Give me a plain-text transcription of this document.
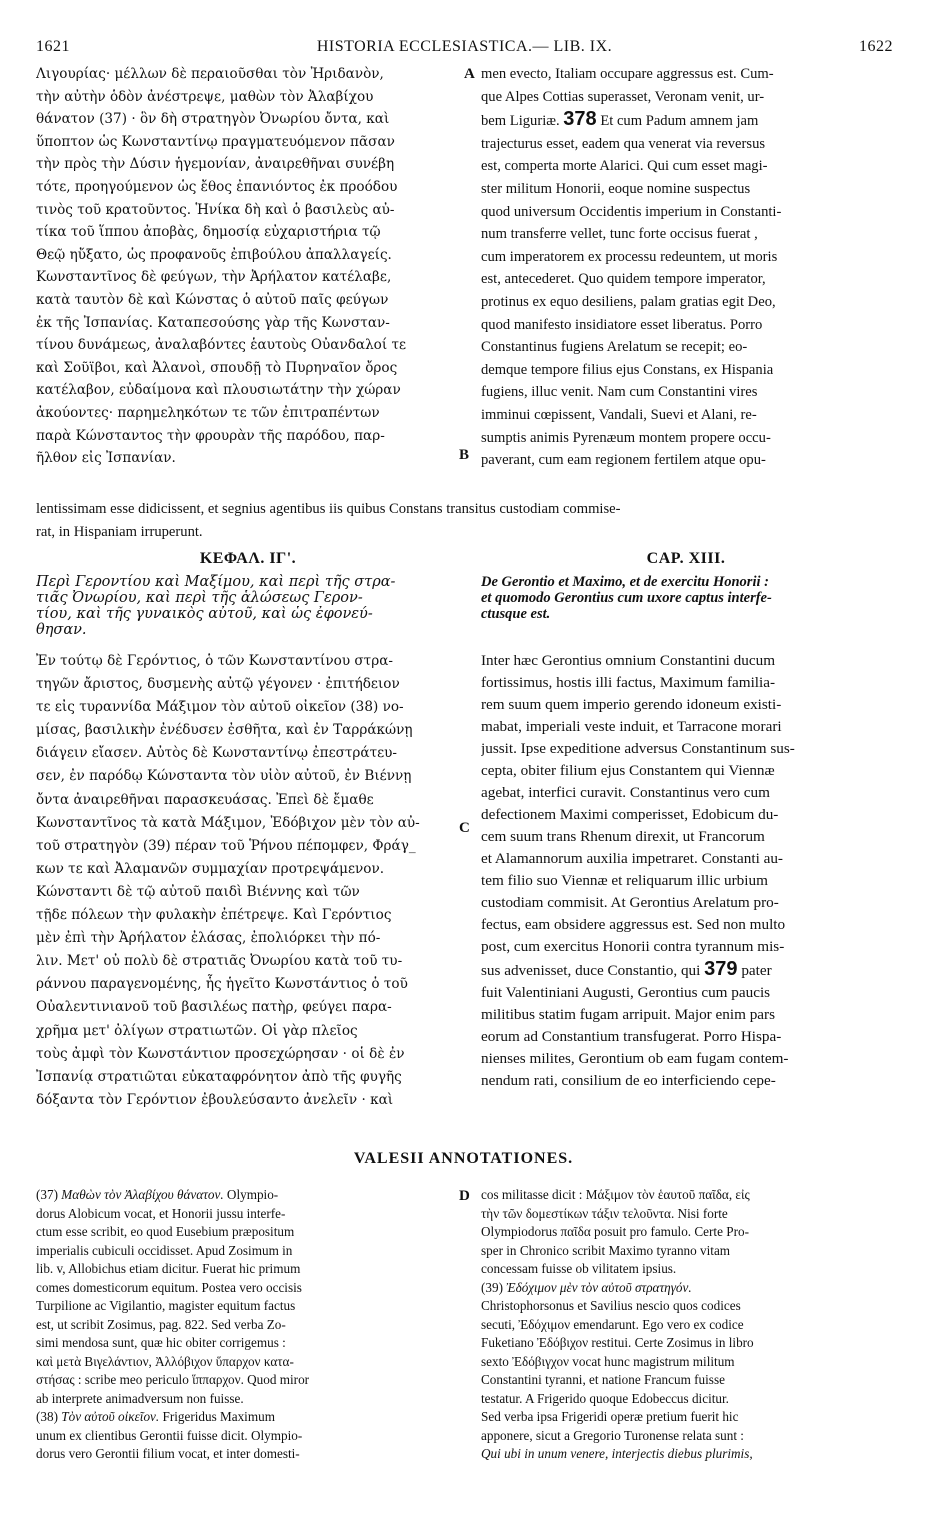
1621	HISTORIA ECCLESIASTICA.— LIB. IX.	1622
Λιγουρίας· μέλλων δὲ περαιοῦσθαι τὸν Ἠριδανὸν,
τὴν αὐτὴν ὁδὸν ἀνέστρεψε, μαθὼν τὸν Ἀλαβίχου
θάνατον (37) · ὃν δὴ στρατηγὸν Ὀνωρίου ὄντα, καὶ
ὕποπτον ὡς Κωνσταντίνῳ πραγματευόμενον πᾶσαν
τὴν πρὸς τὴν Δύσιν ἡγεμονίαν, ἀναιρεθῆναι συνέβη
τότε, προηγούμενον ὡς ἔθος ἐπανιόντος ἐκ προόδου
τινὸς τοῦ κρατοῦντος. Ἡνίκα δὴ καὶ ὁ βασιλεὺς αὐ-
τίκα τοῦ ἵππου ἀποβὰς, δημοσίᾳ εὐχαριστήρια τῷ
Θεῷ ηὔξατο, ὡς προφανοῦς ἐπιβούλου ἀπαλλαγείς.
Κωνσταντῖνος δὲ φεύγων, τὴν Ἀρήλατον κατέλαβε,
κατὰ ταυτὸν δὲ καὶ Κώνστας ὁ αὐτοῦ παῖς φεύγων
ἐκ τῆς Ἰσπανίας. Καταπεσούσης γὰρ τῆς Κωνσταν-
τίνου δυνάμεως, ἀναλαβόντες ἑαυτοὺς Οὐανδαλοί τε
καὶ Σοῦϊβοι, καὶ Ἀλανοὶ, σπουδῇ τὸ Πυρηναῖον ὄρος
κατέλαβον, εὐδαίμονα καὶ πλουσιωτάτην τὴν χώραν
ἀκούοντες· παρημεληκότων τε τῶν ἐπιτραπέντων
παρὰ Κώνσταντος τὴν φρουρὰν τῆς παρόδου, παρ-
ῆλθον εἰς Ἰσπανίαν.
men evecto, Italiam occupare aggressus est. Cum-
que Alpes Cottias superasset, Veronam venit, ur-
bem Liguriæ. 378 Et cum Padum amnem jam
trajecturus esset, eadem qua venerat via reversus
est, comperta morte Alarici. Qui cum esset magi-
ster militum Honorii, eoque nomine suspectus
quod universum Occidentis imperium in Constanti-
num transferre vellet, tunc forte occisus fuerat ,
cum imperatorem ex processu redeuntem, ut moris
est, antecederet. Quo quidem tempore imperator,
protinus ex equo desiliens, palam gratias egit Deo,
quod manifesto insidiatore esset liberatus. Porro
Constantinus fugiens Arelatum se recepit; eo-
demque tempore filius ejus Constans, ex Hispania
fugiens, illuc venit. Nam cum Constantini vires
imminui cœpissent, Vandali, Suevi et Alani, re-
sumptis animis Pyrenæum montem propere occu-
paverant, cum eam regionem fertilem atque opu-
A
B
C
D
lentissimam esse didicissent, et segnius agentibus iis quibus Constans transitus custodiam commise-
rat, in Hispaniam irruperunt.
ΚΕΦΑΛ. ΙΓ'.	CAP. XIII.
Περὶ Γεροντίου καὶ Μαξίμου, καὶ περὶ τῆς στρα-
τιᾶς Ὀνωρίου, καὶ περὶ τῆς ἁλώσεως Γερον-
τίου, καὶ τῆς γυναικὸς αὐτοῦ, καὶ ὡς ἐφονεύ-
θησαν.
De Gerontio et Maximo, et de exercitu Honorii :
et quomodo Gerontius cum uxore captus interfe-
ctusque est.
Ἐν τούτῳ δὲ Γερόντιος, ὁ τῶν Κωνσταντίνου στρα-
τηγῶν ἄριστος, δυσμενὴς αὐτῷ γέγονεν · ἐπιτήδειον
τε εἰς τυραννίδα Μάξιμον τὸν αὐτοῦ οἰκεῖον (38) νο-
μίσας, βασιλικὴν ἐνέδυσεν ἐσθῆτα, καὶ ἐν Ταρράκώνῃ
διάγειν εἴασεν. Αὐτὸς δὲ Κωνσταντίνῳ ἐπεστράτευ-
σεν, ἐν παρόδῳ Κώνσταντα τὸν υἱὸν αὐτοῦ, ἐν Βιέννῃ
ὄντα ἀναιρεθῆναι παρασκευάσας. Ἐπεὶ δὲ ἔμαθε
Κωνσταντῖνος τὰ κατὰ Μάξιμον, Ἐδόβιχον μὲν τὸν αὐ-
τοῦ στρατηγὸν (39) πέραν τοῦ Ῥήνου πέπομφεν, Φράγ_
κων τε καὶ Ἀλαμανῶν συμμαχίαν προτρεψάμενον.
Κώνσταντι δὲ τῷ αὐτοῦ παιδὶ Βιέννης καὶ τῶν
τῇδε πόλεων τὴν φυλακὴν ἐπέτρεψε. Καὶ Γερόντιος
μὲν ἐπὶ τὴν Ἀρήλατον ἐλάσας, ἐπολιόρκει τὴν πό-
λιν. Μετ' οὐ πολὺ δὲ στρατιᾶς Ὀνωρίου κατὰ τοῦ τυ-
ράννου παραγενομένης, ἧς ἡγεῖτο Κωνστάντιος ὁ τοῦ
Οὐαλεντινιανοῦ τοῦ βασιλέως πατὴρ, φεύγει παρα-
χρῆμα μετ' ὀλίγων στρατιωτῶν. Οἱ γὰρ πλεῖος
τοὺς ἀμφὶ τὸν Κωνστάντιον προσεχώρησαν · οἱ δὲ ἐν
Ἰσπανίᾳ στρατιῶται εὐκαταφρόνητον ἀπὸ τῆς φυγῆς
δόξαντα τὸν Γερόντιον ἐβουλεύσαντο ἀνελεῖν · καὶ
Inter hæc Gerontius omnium Constantini ducum
fortissimus, hostis illi factus, Maximum familia-
rem suum quem imperio gerendo idoneum existi-
mabat, imperiali veste induit, et Tarracone morari
jussit. Ipse expeditione adversus Constantinum sus-
cepta, obiter filium ejus Constantem qui Viennæ
agebat, interfici curavit. Constantinus vero cum
defectionem Maximi comperisset, Edobicum du-
cem suum trans Rhenum direxit, ut Francorum
et Alamannorum auxilia impetraret. Constanti au-
tem filio suo Viennæ et reliquarum illic urbium
custodiam commisit. At Gerontius Arelatum pro-
fectus, eam obsidere aggressus est. Sed non multo
post, cum exercitus Honorii contra tyrannum mis-
sus advenisset, duce Constantio, qui 379 pater
fuit Valentiniani Augusti, Gerontius cum paucis
militibus statim fugam arripuit. Major enim pars
eorum ad Constantium transfugerat. Porro Hispa-
nienses milites, Gerontium ob eam fugam contem-
nendum rati, consilium de eo interficiendo cepe-
VALESII ANNOTATIONES.
(37) Μαθὼν τὸν Ἀλαβίχου θάνατον. Olympio-
dorus Alobicum vocat, et Honorii jussu interfe-
ctum esse scribit, eo quod Eusebium præpositum
imperialis cubiculi occidisset. Apud Zosimum in
lib. v, Allobichus etiam dicitur. Fuerat hic primum
comes domesticorum equitum. Postea vero occisis
Turpilione ac Vigilantio, magister equitum factus
est, ut scribit Zosimus, pag. 822. Sed verba Zo-
simi mendosa sunt, quæ hic obiter corrigemus :
καὶ μετὰ Βιγελάντιον, Ἀλλόβιχον ὕπαρχον κατα-
στήσας : scribe meo periculo ἵππαρχον. Quod miror
ab interprete animadversum non fuisse.
(38) Τὸν αὐτοῦ οἰκεῖον. Frigeridus Maximum
unum ex clientibus Gerontii fuisse dicit. Olympio-
dorus vero Gerontii filium vocat, et inter domesti-
cos militasse dicit : Μάξιμον τὸν ἑαυτοῦ παῖδα, εἰς
τὴν τῶν δομεστίκων τάξιν τελοῦντα. Nisi forte
Olympiodorus παῖδα posuit pro famulo. Certe Pro-
sper in Chronico scribit Maximo tyranno vitam
concessam fuisse ob vilitatem ipsius.
(39) Ἐδόχιμον μὲν τὸν αὐτοῦ στρατηγόν.
Christophorsonus et Savilius nescio quos codices
secuti, Ἐδόχιμον emendarunt. Ego vero ex codice
Fuketiano Ἐδόβιχον restitui. Certe Zosimus in libro
sexto Ἐδόβιγχον vocat hunc magistrum militum
Constantini tyranni, et natione Francum fuisse
testatur. A Frigerido quoque Edobeccus dicitur.
Sed verba ipsa Frigeridi operæ pretium fuerit hic
apponere, sicut a Gregorio Turonense relata sunt :
Qui ubi in unum venere, interjectis diebus plurimis,
